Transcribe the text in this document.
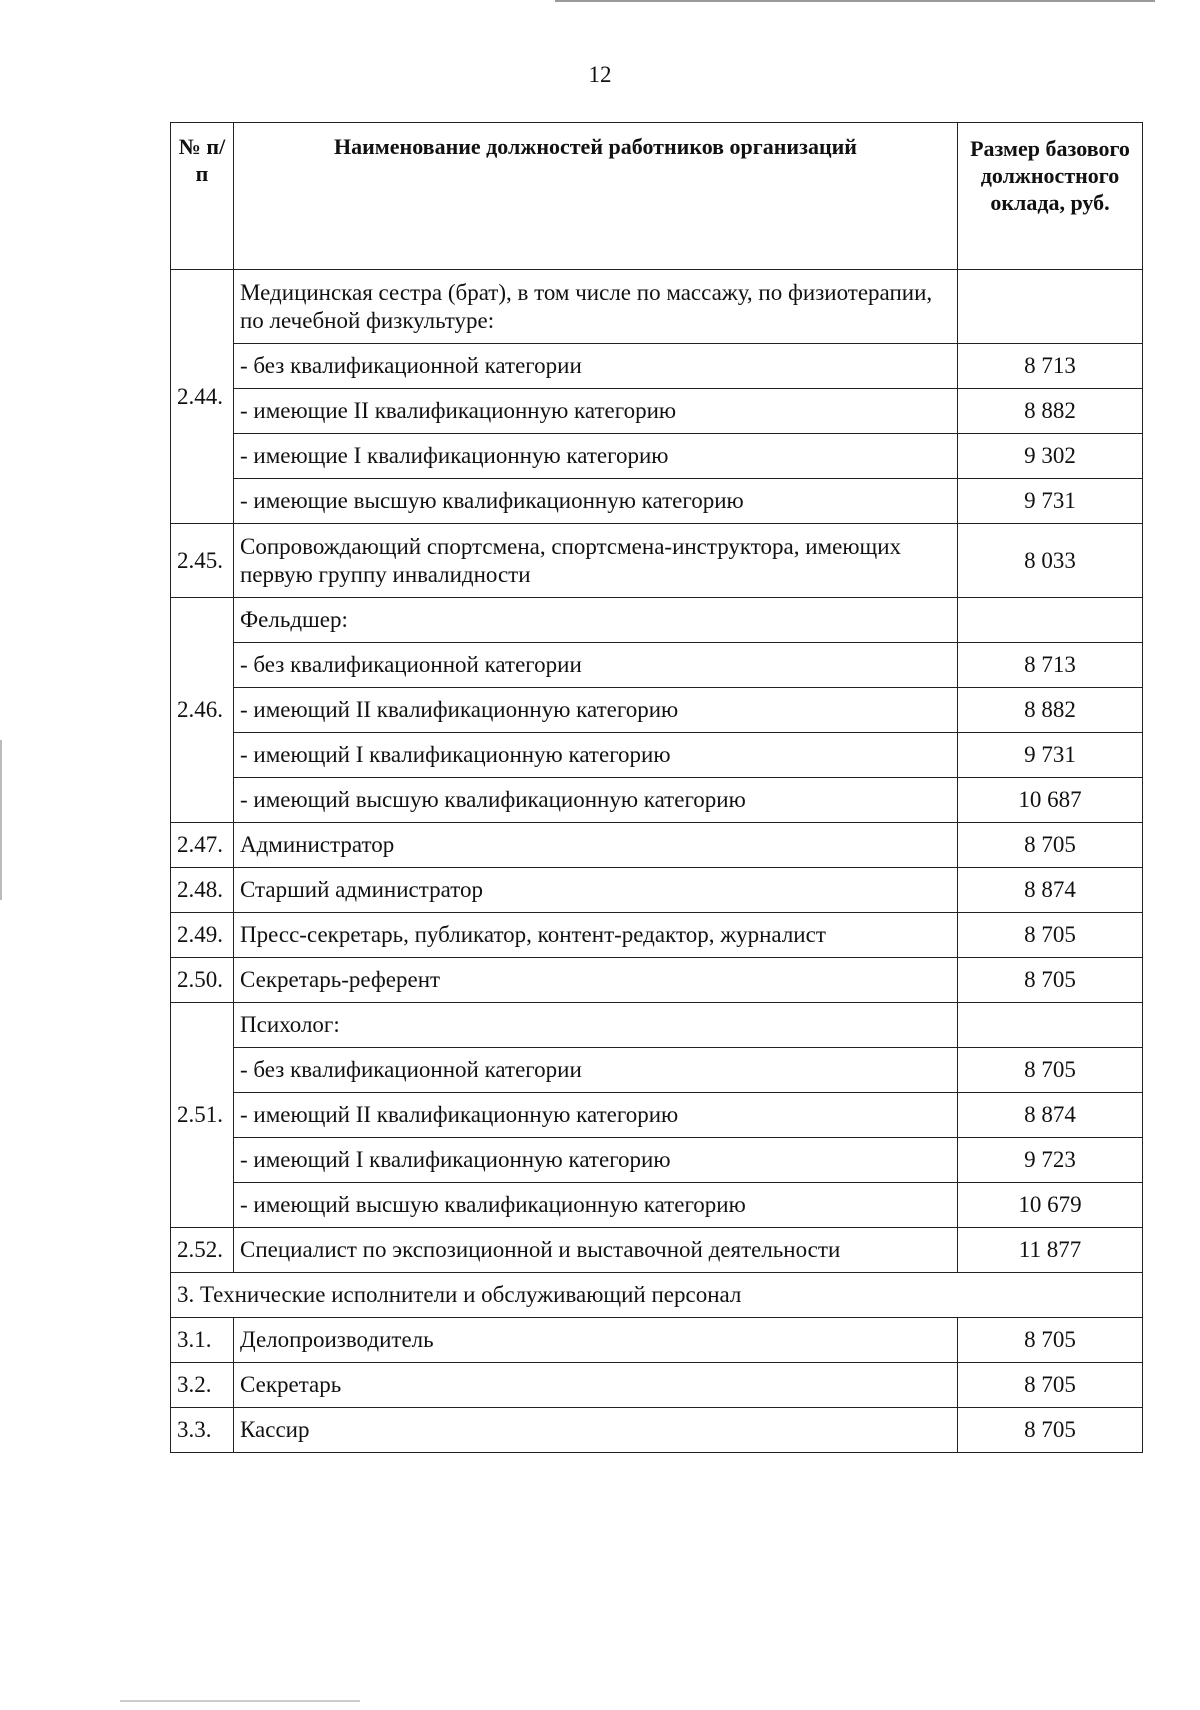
12
№ п/п	Наименование должностей работников организаций	Размер базового должностного оклада, руб.
2.44.	Медицинская сестра (брат), в том числе по массажу, по физиотерапии, по лечебной физкультуре:	
	- без квалификационной категории	8 713
	- имеющие II квалификационную категорию	8 882
	- имеющие I квалификационную категорию	9 302
	- имеющие высшую квалификационную категорию	9 731
2.45.	Сопровождающий спортсмена, спортсмена-инструктора, имеющих первую группу инвалидности	8 033
2.46.	Фельдшер:	
	- без квалификационной категории	8 713
	- имеющий II квалификационную категорию	8 882
	- имеющий I квалификационную категорию	9 731
	- имеющий высшую квалификационную категорию	10 687
2.47.	Администратор	8 705
2.48.	Старший администратор	8 874
2.49.	Пресс-секретарь, публикатор, контент-редактор, журналист	8 705
2.50.	Секретарь-референт	8 705
2.51.	Психолог:	
	- без квалификационной категории	8 705
	- имеющий II квалификационную категорию	8 874
	- имеющий I квалификационную категорию	9 723
	- имеющий высшую квалификационную категорию	10 679
2.52.	Специалист по экспозиционной и выставочной деятельности	11 877
3. Технические исполнители и обслуживающий персонал		
3.1.	Делопроизводитель	8 705
3.2.	Секретарь	8 705
3.3.	Кассир	8 705
